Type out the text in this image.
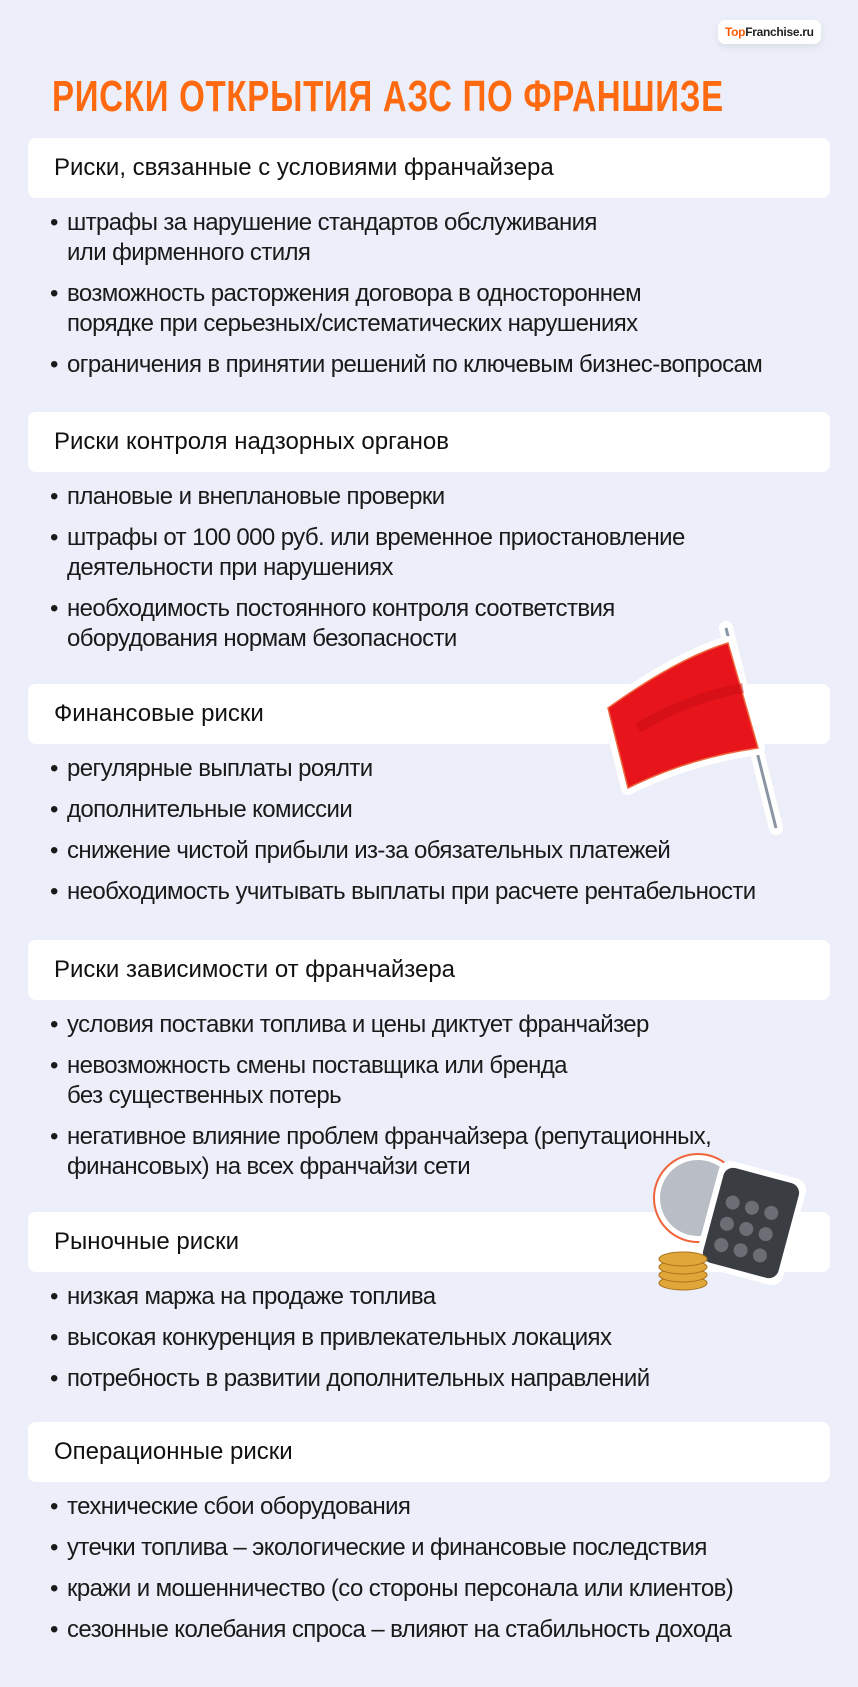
TopFranchise.ru
РИСКИ ОТКРЫТИЯ АЗС ПО ФРАНШИЗЕ
Риски, связанные с условиями франчайзера
• штрафы за нарушение стандартов обслуживания
или фирменного стиля
• возможность расторжения договора в одностороннем
порядке при серьезных/систематических нарушениях
• ограничения в принятии решений по ключевым бизнес-вопросам
Риски контроля надзорных органов
• плановые и внеплановые проверки
• штрафы от 100 000 руб. или временное приостановление
деятельности при нарушениях
• необходимость постоянного контроля соответствия
оборудования нормам безопасности
Финансовые риски
• регулярные выплаты роялти
• дополнительные комиссии
• снижение чистой прибыли из-за обязательных платежей
• необходимость учитывать выплаты при расчете рентабельности
Риски зависимости от франчайзера
• условия поставки топлива и цены диктует франчайзер
• невозможность смены поставщика или бренда
без существенных потерь
• негативное влияние проблем франчайзера (репутационных,
финансовых) на всех франчайзи сети
Рыночные риски
• низкая маржа на продаже топлива
• высокая конкуренция в привлекательных локациях
• потребность в развитии дополнительных направлений
Операционные риски
• технические сбои оборудования
• утечки топлива – экологические и финансовые последствия
• кражи и мошенничество (со стороны персонала или клиентов)
• сезонные колебания спроса – влияют на стабильность дохода
